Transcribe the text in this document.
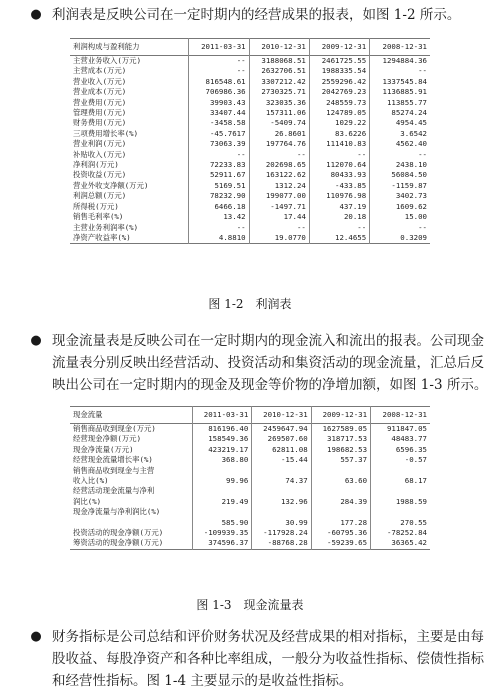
● 利润表是反映公司在一定时期内的经营成果的报表，如图 1-2 所示。
利润构成与盈利能力	2011-03-31	2010-12-31	2009-12-31	2008-12-31
主营业务收入(万元)	--	3188068.51	2461725.55	1294884.36
主营成本(万元)	--	2632706.51	1988335.54	--
营业收入(万元)	816548.61	3307212.42	2559296.42	1337545.84
营业成本(万元)	706986.36	2730325.71	2042769.23	1136885.91
营业费用(万元)	39903.43	323035.36	248559.73	113855.77
管理费用(万元)	33407.44	157311.06	124789.05	85274.24
财务费用(万元)	-3458.58	-5409.74	1029.22	4954.45
三项费用增长率(%)	-45.7617	26.8601	83.6226	3.6542
营业利润(万元)	73063.39	197764.76	111410.83	4562.40
补贴收入(万元)	--	--	--	--
净利润(万元)	72233.83	202698.65	112070.64	2438.10
投资收益(万元)	52911.67	163122.62	80433.93	56084.50
营业外收支净额(万元)	5169.51	1312.24	-433.85	-1159.87
利润总额(万元)	78232.90	199077.00	110976.98	3402.73
所得税(万元)	6466.18	-1497.71	437.19	1609.62
销售毛利率(%)	13.42	17.44	20.18	15.00
主营业务利润率(%)	--	--	--	--
净资产收益率(%)	4.8810	19.0770	12.4655	0.3209
图 1-2　利润表
● 现金流量表是反映公司在一定时期内的现金流入和流出的报表。公司现金流量表分别反映出经营活动、投资活动和集资活动的现金流量，汇总后反映出公司在一定时期内的现金及现金等价物的净增加额，如图 1-3 所示。
现金流量	2011-03-31	2010-12-31	2009-12-31	2008-12-31
销售商品收到现金(万元)	816196.40	2459647.94	1627589.05	911847.05
经营现金净额(万元)	158549.36	269507.60	318717.53	48483.77
现金净流量(万元)	423219.17	62811.08	198682.53	6596.35
经营现金流量增长率(%)	368.80	-15.44	557.37	-0.57
销售商品收到现金与主营				
收入比(%)	99.96	74.37	63.60	68.17
经营活动现金流量与净利				
润比(%)	219.49	132.96	284.39	1988.59
现金净流量与净利润比(%)				
	585.90	30.99	177.28	270.55
投资活动的现金净额(万元)	-109939.35	-117928.24	-60795.36	-78252.84
筹资活动的现金净额(万元)	374596.37	-88768.28	-59239.65	36365.42
图 1-3　现金流量表
● 财务指标是公司总结和评价财务状况及经营成果的相对指标，主要是由每股收益、每股净资产和各种比率组成，一般分为收益性指标、偿债性指标和经营性指标。图 1-4 主要显示的是收益性指标。
